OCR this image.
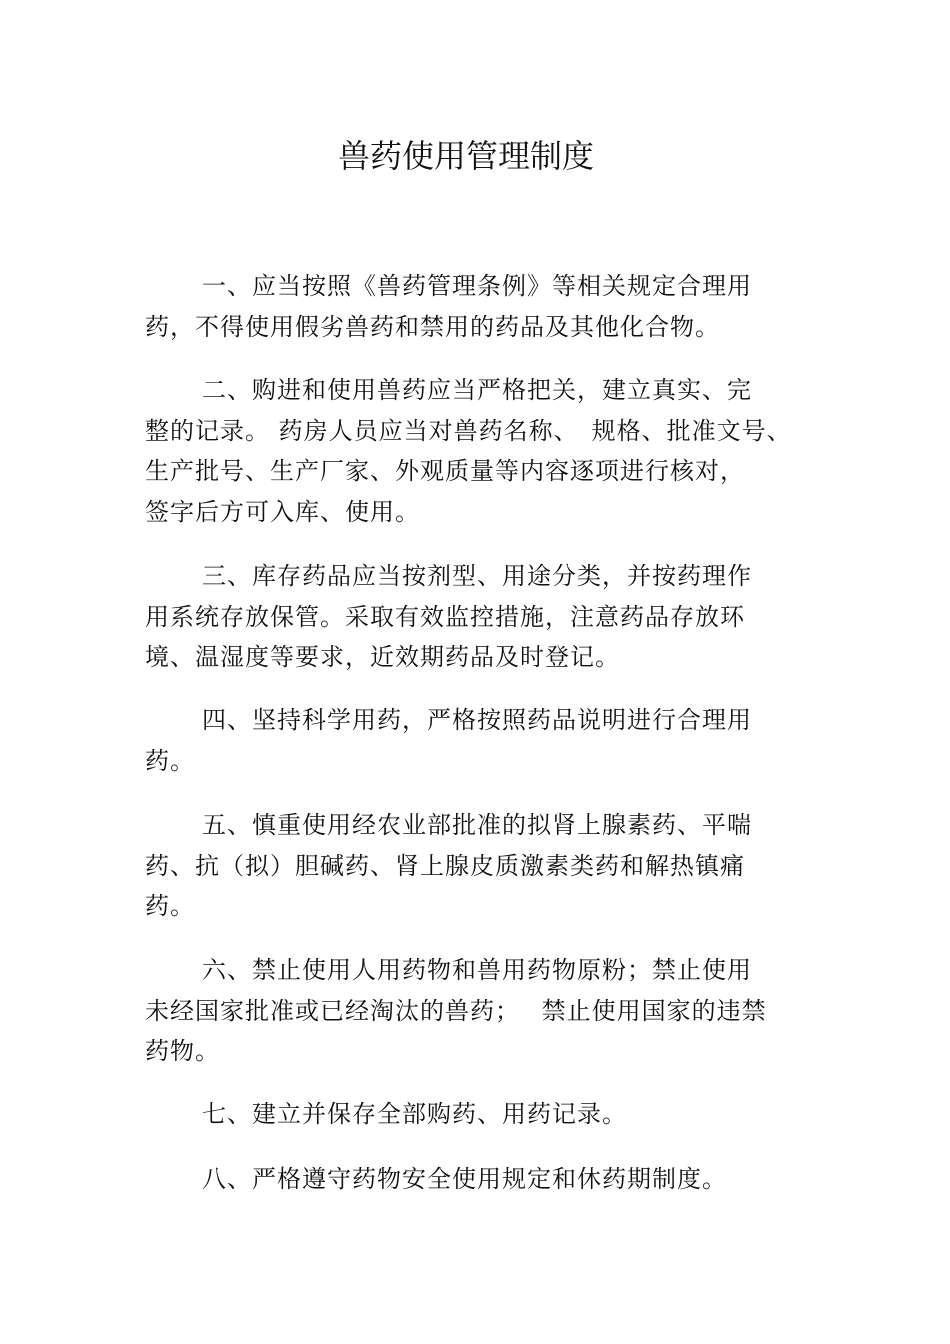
兽药使用管理制度
一、应当按照《兽药管理条例》等相关规定合理用
药，不得使用假劣兽药和禁用的药品及其他化合物。
二、购进和使用兽药应当严格把关，建立真实、完
整的记录。 药房人员应当对兽药名称、　规格、批准文号、
生产批号、生产厂家、外观质量等内容逐项进行核对，
签字后方可入库、使用。
三、库存药品应当按剂型、用途分类，并按药理作
用系统存放保管。采取有效监控措施，注意药品存放环
境、温湿度等要求，近效期药品及时登记。
四、坚持科学用药，严格按照药品说明进行合理用
药。
五、慎重使用经农业部批准的拟肾上腺素药、平喘
药、抗（拟）胆碱药、肾上腺皮质激素类药和解热镇痛
药。
六、禁止使用人用药物和兽用药物原粉；禁止使用
未经国家批准或已经淘汰的兽药；　 禁止使用国家的违禁
药物。
七、建立并保存全部购药、用药记录。
八、严格遵守药物安全使用规定和休药期制度。
